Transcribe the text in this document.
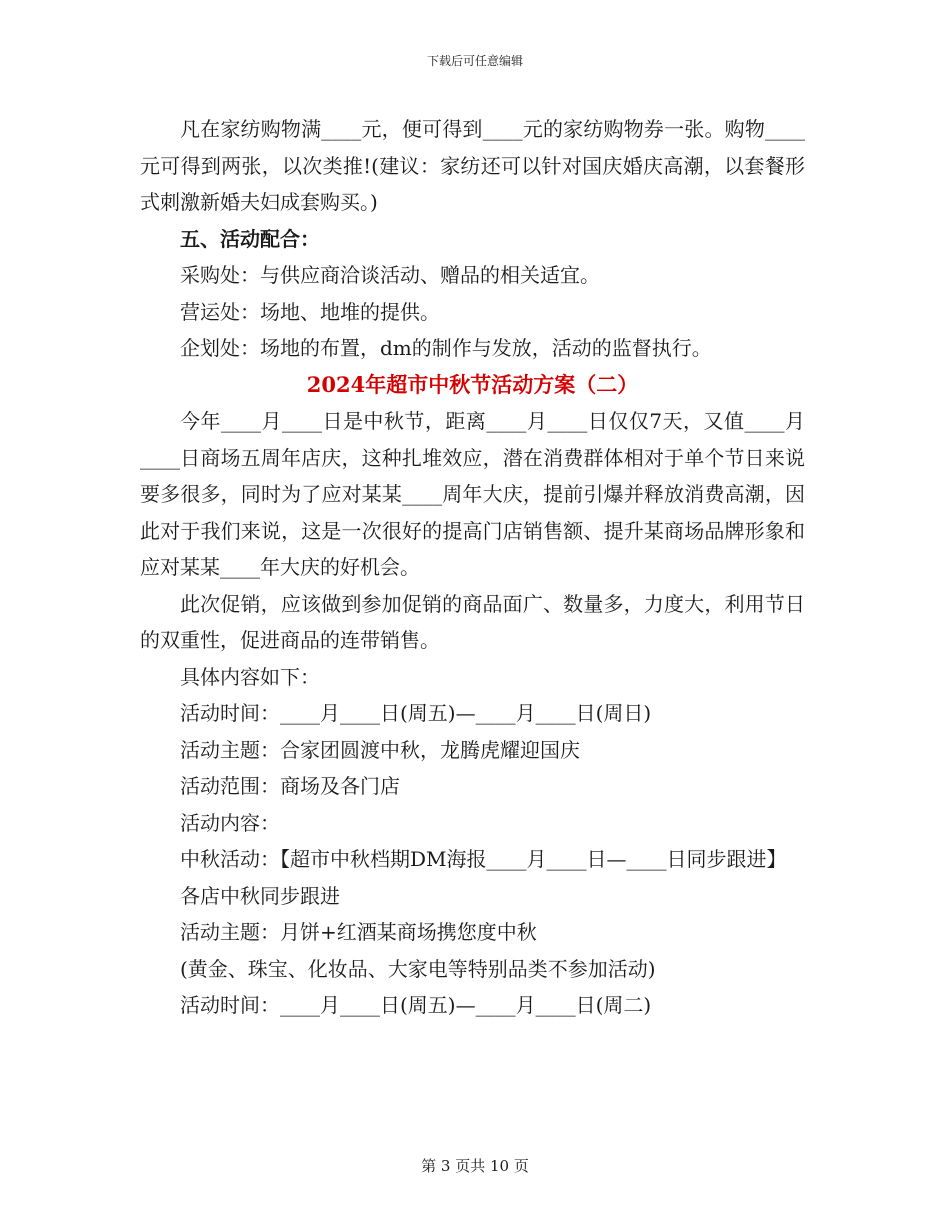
下载后可任意编辑

凡在家纺购物满____元，便可得到____元的家纺购物券一张。购物____元可得到两张，以次类推!(建议：家纺还可以针对国庆婚庆高潮，以套餐形式刺激新婚夫妇成套购买。)

五、活动配合：

采购处：与供应商洽谈活动、赠品的相关适宜。

营运处：场地、地堆的提供。

企划处：场地的布置，dm的制作与发放，活动的监督执行。

2024年超市中秋节活动方案（二）

今年____月____日是中秋节，距离____月____日仅仅7天，又值____月____日商场五周年店庆，这种扎堆效应，潜在消费群体相对于单个节日来说要多很多，同时为了应对某某____周年大庆，提前引爆并释放消费高潮，因此对于我们来说，这是一次很好的提高门店销售额、提升某商场品牌形象和应对某某____年大庆的好机会。

此次促销，应该做到参加促销的商品面广、数量多，力度大，利用节日的双重性，促进商品的连带销售。

具体内容如下：

活动时间：____月____日(周五)—____月____日(周日)

活动主题：合家团圆渡中秋，龙腾虎耀迎国庆

活动范围：商场及各门店

活动内容：

中秋活动：【超市中秋档期DM海报____月____日—____日同步跟进】

各店中秋同步跟进

活动主题：月饼+红酒某商场携您度中秋

(黄金、珠宝、化妆品、大家电等特别品类不参加活动)

活动时间：____月____日(周五)—____月____日(周二)

第 3 页共 10 页
